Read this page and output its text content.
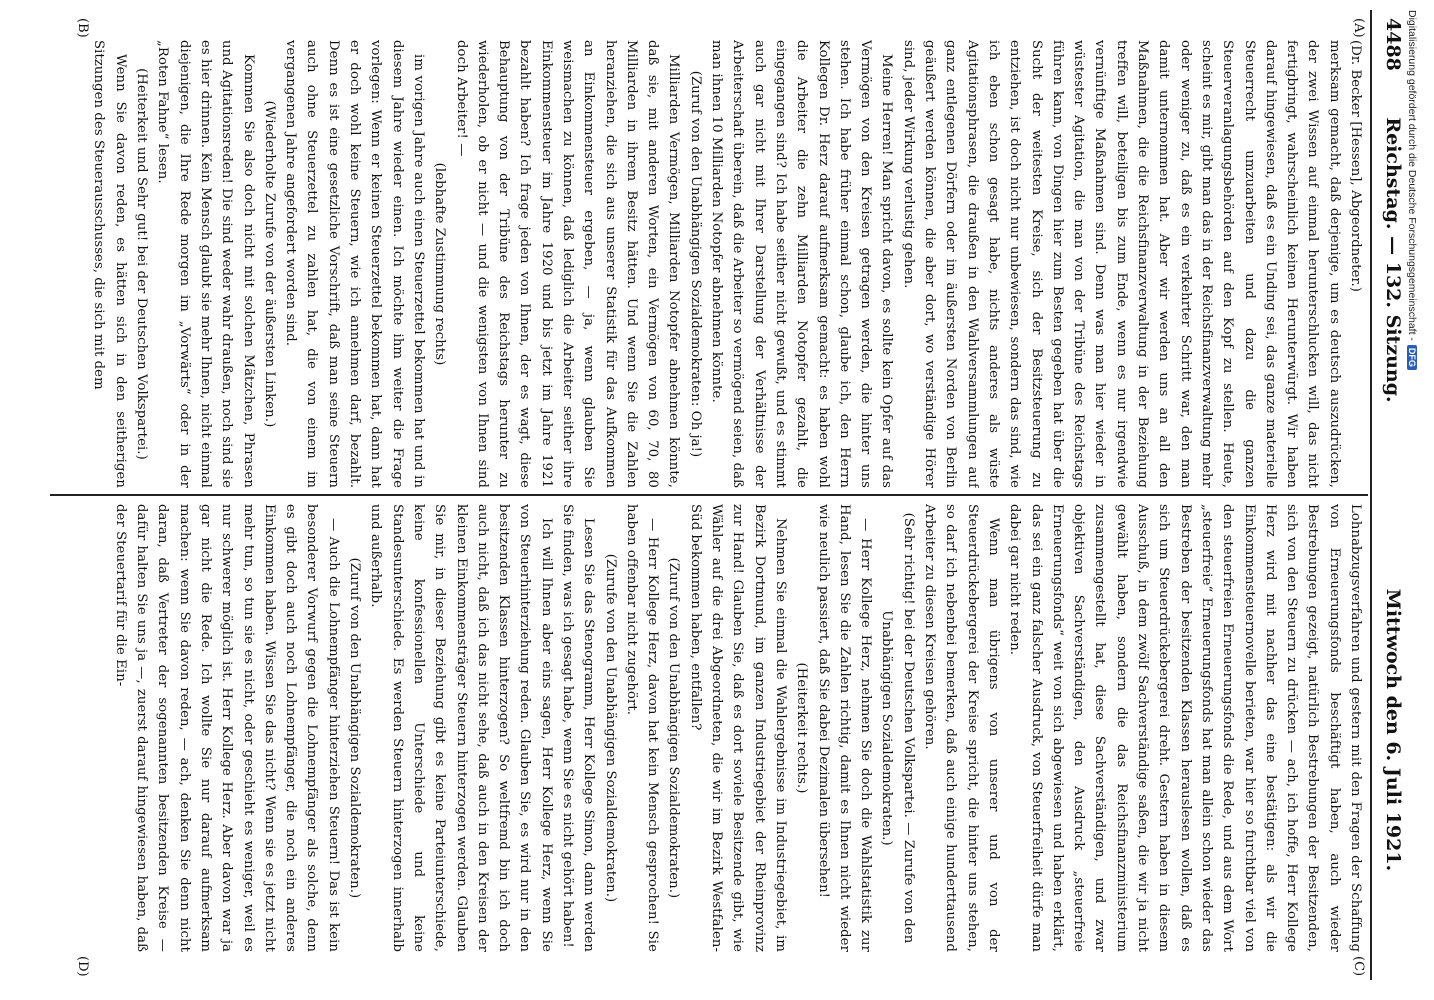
4488
Reichstag. — 132. Sitzung.
Mittwoch den 6. Juli 1921.
(A)
(B)
(C)
(D)

(Dr. Becker [Hessen], Abgeordneter.)

merksam gemacht, daß derjenige, um es deutsch auszudrücken, der zwei Wissen auf einmal herunterschlucken will, das nicht fertigbringt, wahrscheinlich keinen Herunterwürgt. Wir haben darauf hingewiesen, daß es ein Unding sei, das ganze materielle Steuerrecht umzuarbeiten und dazu die ganzen Steuerveranlagungsbehörden auf den Kopf zu stellen. Heute, scheint es mir, gibt man das in der Reichsfinanzverwaltung mehr oder weniger zu, daß es ein verkehrter Schritt war, den man damit unternommen hat. Aber wir werden uns an all den Maßnahmen, die die Reichsfinanzverwaltung in der Beziehung treffen will, beteiligen bis zum Ende, wenn es nur irgendwie vernünftige Maßnahmen sind. Denn was man hier wieder in wüstester Agitation, die man von der Tribüne des Reichstags führen kann, von Dingen hier zum Besten gegeben hat über die Sucht der weitesten Kreise, sich der Besitzsteuerung zu entziehen, ist doch nicht nur unbewiesen, sondern das sind, wie ich eben schon gesagt habe, nichts anderes als wüste Agitationsphrasen, die draußen in den Wahlversammlungen auf ganz entlegenen Dörfern oder im äußersten Norden von Berlin geäußert werden können, die aber dort, wo verständige Hörer sind, jeder Wirkung verlustig gehen.

Meine Herren! Man spricht davon, es sollte kein Opfer auf das Vermögen von den Kreisen getragen werden, die hinter uns stehen. Ich habe früher einmal schon, glaube ich, den Herrn Kollegen Dr. Herz darauf aufmerksam gemacht: es haben wohl die Arbeiter die zehn Milliarden Notopfer gezahlt, die eingegangen sind? Ich habe seither nicht gewußt, und es stimmt auch gar nicht mit Ihrer Darstellung der Verhältnisse der Arbeiterschaft überein, daß die Arbeiter so vermögend seien, daß man ihnen 10 Milliarden Notopfer abnehmen könnte.

(Zuruf von den Unabhängigen Sozialdemokraten: Oh ja!)

Milliarden Vermögen, Milliarden Notopfer abnehmen könnte, daß sie, mit anderen Worten, ein Vermögen von 60, 70, 80 Milliarden in ihrem Besitz hätten. Und wenn Sie die Zahlen heranziehen, die sich aus unserer Statistik für das Aufkommen an Einkommensteuer ergeben, — ja, wenn glauben Sie weismachen zu können, daß lediglich die Arbeiter seither ihre Einkommensteuer im Jahre 1920 und bis jetzt im Jahre 1921 bezahlt haben? Ich frage jeden von Ihnen, der es wagt, diese Behauptung von der Tribüne des Reichstags herunter zu wiederholen, ob er nicht — und die wenigsten von Ihnen sind doch Arbeiter! —

(lebhafte Zustimmung rechts)

im vorigen Jahre auch einen Steuerzettel bekommen hat und in diesem Jahre wieder einen. Ich möchte ihm weiter die Frage vorlegen: Wenn er keinen Steuerzettel bekommen hat, dann hat er doch wohl keine Steuern, wie ich annehmen darf, bezahlt. Denn es ist eine gesetzliche Vorschrift, daß man seine Steuern auch ohne Steuerzettel zu zahlen hat, die von einem im vergangenen Jahre angefordert worden sind.

(Wiederholte Zurufe von der äußersten Linken.)

Kommen Sie also doch nicht mit solchen Mätzchen, Phrasen und Agitationsreden! Die sind weder wahr draußen, noch sind sie es hier drinnen. Kein Mensch glaubt sie mehr Ihnen, nicht einmal diejenigen, die Ihre Rede morgen im „Vorwärts“ oder in der „Roten Fahne“ lesen.

(Heiterkeit und Sehr gut! bei der Deutschen Volkspartei.)

Wenn Sie davon reden, es hätten sich in den seitherigen Sitzungen des Steuerausschusses, die sich mit dem

Lohnabzugsverfahren und gestern mit den Fragen der Schaffung von Erneuerungsfonds beschäftigt haben, auch wieder Bestrebungen gezeigt, natürlich Bestrebungen der Besitzenden, sich von den Steuern zu drücken — ach, ich hoffe, Herr Kollege Herz wird mit nachher das eine bestätigen: als wir die Einkommensteuernovelle berieten, war hier so furchtbar viel von den steuerfreien Erneuerungsfonds die Rede, und aus dem Wort „steuerfreie“ Erneuerungsfonds hat man allein schon wieder das Bestreben der besitzenden Klassen herauslesen wollen, daß es sich um Steuerdrückebergerei dreht. Gestern haben in diesem Ausschuß, in dem zwölf Sachverständige saßen, die wir ja nicht gewählt haben, sondern die das Reichsfinanzministerium zusammengestellt hat, diese Sachverständigen, und zwar objektiven Sachverständigen, den Ausdruck „steuerfreie Erneuerungsfonds“ weit von sich abgewiesen und haben erklärt, das sei ein ganz falscher Ausdruck, von Steuerfreiheit dürfe man dabei gar nicht reden.

Wenn man übrigens von unserer und von der Steuerdrückebergerei der Kreise spricht, die hinter uns stehen, so darf ich nebenbei bemerken, daß auch einige hunderttausend Arbeiter zu diesen Kreisen gehören.

(Sehr richtig! bei der Deutschen Volkspartei. — Zurufe von den Unabhängigen Sozialdemokraten.)

— Herr Kollege Herz, nehmen Sie doch die Wahlstatistik zur Hand, lesen Sie die Zahlen richtig, damit es Ihnen nicht wieder wie neulich passiert, daß Sie dabei Dezimalen übersehen!

(Heiterkeit rechts.)

Nehmen Sie einmal die Wahlergebnisse im Industriegebiet, im Bezirk Dortmund, im ganzen Industriegebiet der Rheinprovinz zur Hand! Glauben Sie, daß es dort soviele Besitzende gibt, wie Wähler auf die drei Abgeordneten, die wir im Bezirk Westfalen-Süd bekommen haben, entfallen?

(Zuruf von den Unabhängigen Sozialdemokraten.)

— Herr Kollege Herz, davon hat kein Mensch gesprochen! Sie haben offenbar nicht zugehört.

(Zurufe von den Unabhängigen Sozialdemokraten.)

Lesen Sie das Stenogramm, Herr Kollege Simon, dann werden Sie finden, was ich gesagt habe, wenn Sie es nicht gehört haben!

Ich will Ihnen aber eins sagen, Herr Kollege Herz, wenn Sie von Steuerhinterziehung reden. Glauben Sie, es wird nur in den besitzenden Klassen hinterzogen? So weltfremd bin ich doch auch nicht, daß ich das nicht sehe, daß auch in den Kreisen der kleinen Einkommensträger Steuern hinterzogen werden. Glauben Sie mir, in dieser Beziehung gibt es keine Parteiunterschiede, keine konfessionellen Unterschiede und keine Standesunterschiede. Es werden Steuern hinterzogen innerhalb und außerhalb.

(Zuruf von den Unabhängigen Sozialdemokraten.)

— Auch die Lohnempfänger hinterziehen Steuern! Das ist kein besonderer Vorwurf gegen die Lohnempfänger als solche, denn es gibt doch auch noch Lohnempfänger, die noch ein anderes Einkommen haben. Wissen Sie das nicht? Wenn sie es jetzt nicht mehr tun, so tun sie es nicht, oder geschieht es weniger, weil es nur schwerer möglich ist. Herr Kollege Herz. Aber davon war ja gar nicht die Rede. Ich wollte Sie nur darauf aufmerksam machen: wenn Sie davon reden, — ach, denken Sie denn nicht daran, daß Vertreter der sogenannten besitzenden Kreise — dafür halten Sie uns ja —, zuerst darauf hingewiesen haben, daß der Steuertarif für die Ein-

Digitalisierung gefördert durch die Deutsche Forschungsgemeinschaft -DFG
